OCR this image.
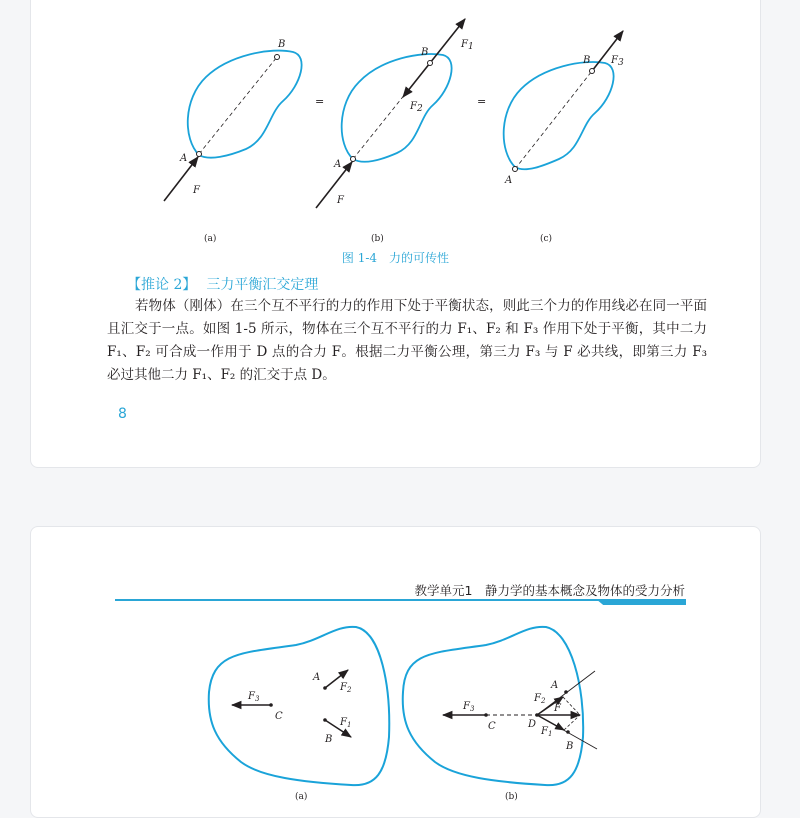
A
B
F
(a)
=
A
B
F
F1
F2
(b)
=
A
B F3
(c)
图 1-4　力的可传性
【推论 2】 三力平衡汇交定理

若物体（刚体）在三个互不平行的力的作用下处于平衡状态，则此三个力的作用线必在同一平面且汇交于一点。如图 1-5 所示，物体在三个互不平行的力 F₁、F₂ 和 F₃ 作用下处于平衡，其中二力 F₁、F₂ 可合成一作用于 D 点的合力 F。根据二力平衡公理，第三力 F₃ 与 F 必共线，即第三力 F₃ 必过其他二力 F₁、F₂ 的汇交于点 D。

8
教学单元1　静力学的基本概念及物体的受力分析
$F_3$
C
A
$F_2$
$F_1$
B
(a)
$F_3$
C	D
A
$F_2$
F
$F_1$
B
(b)
